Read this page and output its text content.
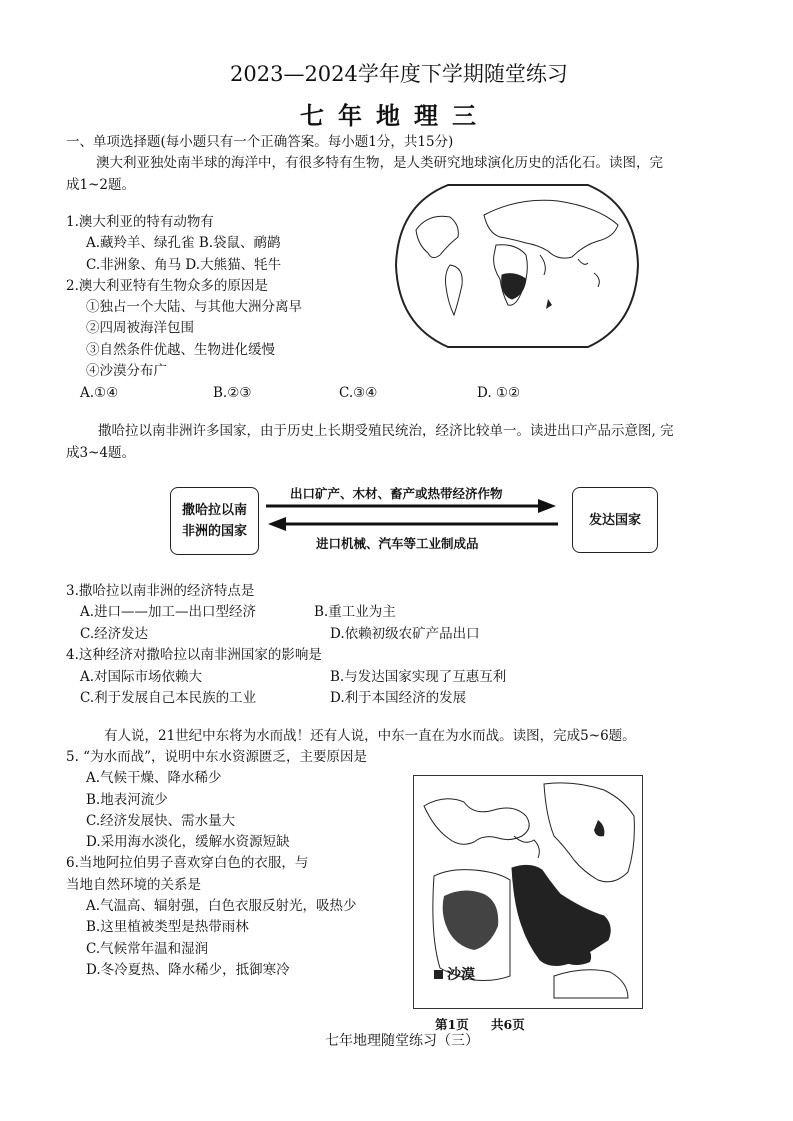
2023—2024学年度下学期随堂练习
七年地理三
一、单项选择题(每小题只有一个正确答案。每小题1分，共15分)
澳大利亚独处南半球的海洋中，有很多特有生物，是人类研究地球演化历史的活化石。读图，完
成1~2题。
1.澳大利亚的特有动物有
A.藏羚羊、绿孔雀 B.袋鼠、鸸鹋
C.非洲象、角马 D.大熊猫、牦牛
2.澳大利亚特有生物众多的原因是
①独占一个大陆、与其他大洲分离早
②四周被海洋包围
③自然条件优越、生物进化缓慢
④沙漠分布广
A.①④	B.②③	C.③④	D. ①②
撒哈拉以南非洲许多国家，由于历史上长期受殖民统治，经济比较单一。读进出口产品示意图, 完
成3~4题。
撒哈拉以南
非洲的国家
发达国家
出口矿产、木材、畜产或热带经济作物
进口机械、汽车等工业制成品
3.撒哈拉以南非洲的经济特点是
A.进口——加工—出口型经济	B.重工业为主
C.经济发达	D.依赖初级农矿产品出口
4.这种经济对撒哈拉以南非洲国家的影响是
A.对国际市场依赖大	B.与发达国家实现了互惠互利
C.利于发展自己本民族的工业	D.利于本国经济的发展
有人说，21世纪中东将为水而战！还有人说，中东一直在为水而战。读图，完成5~6题。
5. “为水而战”，说明中东水资源匮乏，主要原因是
A.气候干燥、降水稀少
B.地表河流少
C.经济发展快、需水量大
D.采用海水淡化，缓解水资源短缺
6.当地阿拉伯男子喜欢穿白色的衣服，与
当地自然环境的关系是
A.气温高、辐射强，白色衣服反射光，吸热少
B.这里植被类型是热带雨林
C.气候常年温和湿润
D.冬冷夏热、降水稀少，抵御寒冷	沙漠
第1页 共6页
七年地理随堂练习（三）
